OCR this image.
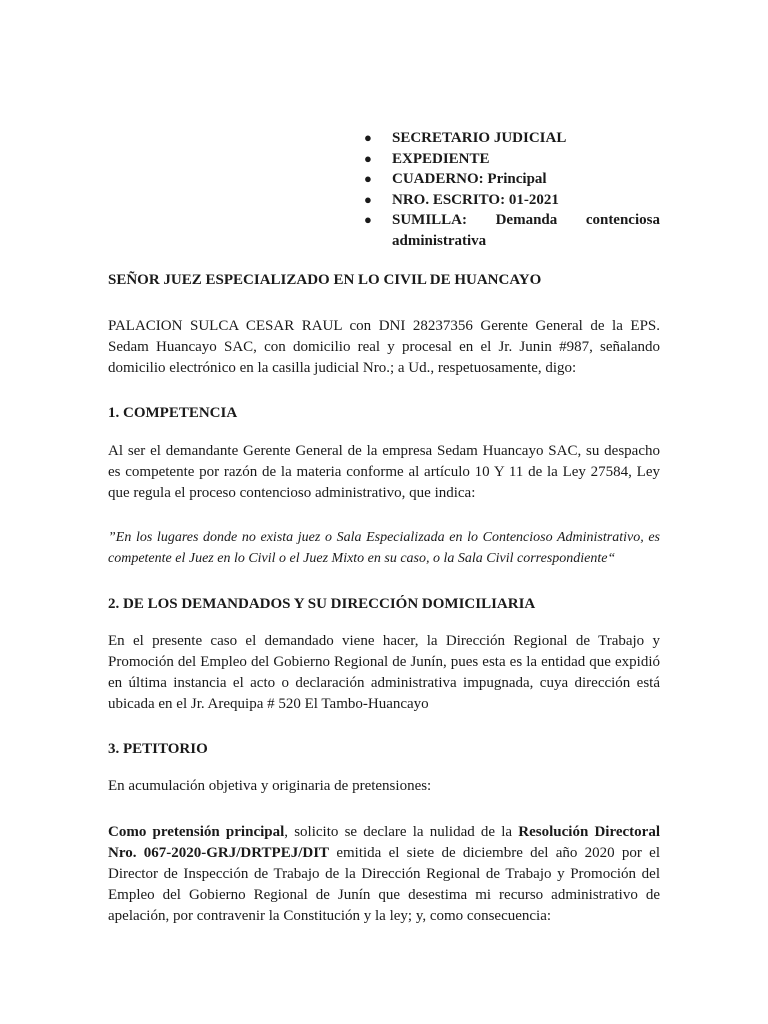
● SECRETARIO JUDICIAL
● EXPEDIENTE
● CUADERNO: Principal
● NRO. ESCRITO: 01-2021
● SUMILLA: Demanda contenciosa
administrativa

SEÑOR JUEZ ESPECIALIZADO EN LO CIVIL DE HUANCAYO

PALACION SULCA CESAR RAUL con DNI 28237356 Gerente General de la EPS. Sedam Huancayo SAC, con domicilio real y procesal en el Jr. Junin #987, señalando domicilio electrónico en la casilla judicial Nro.; a Ud., respetuosamente, digo:

1. COMPETENCIA

Al ser el demandante Gerente General de la empresa Sedam Huancayo SAC, su despacho es competente por razón de la materia conforme al artículo 10 Y 11 de la Ley 27584, Ley que regula el proceso contencioso administrativo, que indica:

”En los lugares donde no exista juez o Sala Especializada en lo Contencioso Administrativo, es competente el Juez en lo Civil o el Juez Mixto en su caso, o la Sala Civil correspondiente“

2. DE LOS DEMANDADOS Y SU DIRECCIÓN DOMICILIARIA

En el presente caso el demandado viene hacer, la Dirección Regional de Trabajo y Promoción del Empleo del Gobierno Regional de Junín, pues esta es la entidad que expidió en última instancia el acto o declaración administrativa impugnada, cuya dirección está ubicada en el Jr. Arequipa # 520 El Tambo-Huancayo

3. PETITORIO

En acumulación objetiva y originaria de pretensiones:

Como pretensión principal, solicito se declare la nulidad de la Resolución Directoral Nro. 067-2020-GRJ/DRTPEJ/DIT emitida el siete de diciembre del año 2020 por el Director de Inspección de Trabajo de la Dirección Regional de Trabajo y Promoción del Empleo del Gobierno Regional de Junín que desestima mi recurso administrativo de apelación, por contravenir la Constitución y la ley; y, como consecuencia:
